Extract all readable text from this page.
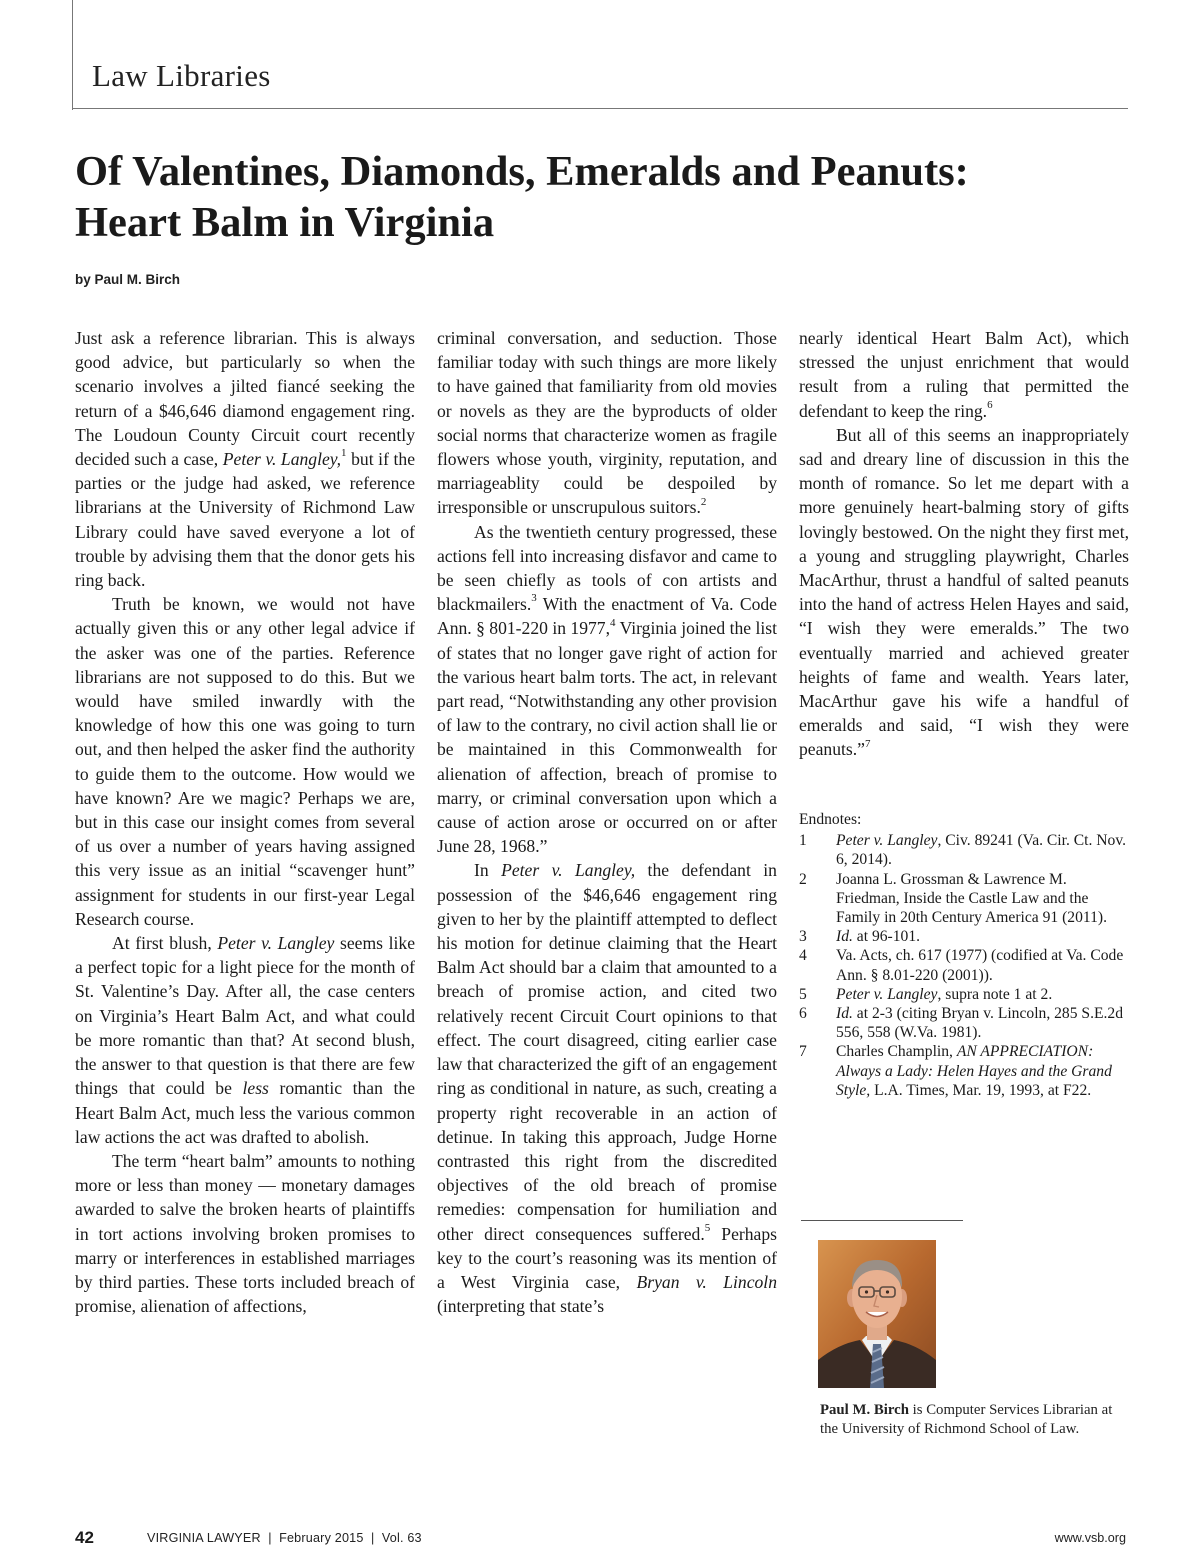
Law Libraries
Of Valentines, Diamonds, Emeralds and Peanuts:
Heart Balm in Virginia
by Paul M. Birch

Just ask a reference librarian. This is always good advice, but particularly so when the scenario involves a jilted fiancé seeking the return of a $46,646 diamond engagement ring. The Loudoun County Circuit court recently decided such a case, Peter v. Langley,$^1$ but if the parties or the judge had asked, we reference librarians at the University of Richmond Law Library could have saved everyone a lot of trouble by advising them that the donor gets his ring back.

Truth be known, we would not have actually given this or any other legal advice if the asker was one of the parties. Reference librarians are not supposed to do this. But we would have smiled inwardly with the knowledge of how this one was going to turn out, and then helped the asker find the authority to guide them to the outcome. How would we have known? Are we magic? Perhaps we are, but in this case our insight comes from several of us over a number of years having assigned this very issue as an initial “scavenger hunt” assignment for students in our first-year Legal Research course.

At first blush, Peter v. Langley seems like a perfect topic for a light piece for the month of St. Valentine’s Day. After all, the case centers on Virginia’s Heart Balm Act, and what could be more romantic than that? At second blush, the answer to that question is that there are few things that could be less romantic than the Heart Balm Act, much less the various common law actions the act was drafted to abolish.

The term “heart balm” amounts to nothing more or less than money — monetary damages awarded to salve the broken hearts of plaintiffs in tort actions involving broken promises to marry or interferences in established marriages by third parties. These torts included breach of promise, alienation of affections,

criminal conversation, and seduction. Those familiar today with such things are more likely to have gained that familiarity from old movies or novels as they are the byproducts of older social norms that characterize women as fragile flowers whose youth, virginity, reputation, and marriageablity could be despoiled by irresponsible or unscrupulous suitors.$^2$

As the twentieth century progressed, these actions fell into increasing disfavor and came to be seen chiefly as tools of con artists and blackmailers.$^3$ With the enactment of Va. Code Ann. § 801-220 in 1977,$^4$ Virginia joined the list of states that no longer gave right of action for the various heart balm torts. The act, in relevant part read, “Notwithstanding any other provision of law to the contrary, no civil action shall lie or be maintained in this Commonwealth for alienation of affection, breach of promise to marry, or criminal conversation upon which a cause of action arose or occurred on or after June 28, 1968.”

In Peter v. Langley, the defendant in possession of the $46,646 engagement ring given to her by the plaintiff attempted to deflect his motion for detinue claiming that the Heart Balm Act should bar a claim that amounted to a breach of promise action, and cited two relatively recent Circuit Court opinions to that effect. The court disagreed, citing earlier case law that characterized the gift of an engagement ring as conditional in nature, as such, creating a property right recoverable in an action of detinue. In taking this approach, Judge Horne contrasted this right from the discredited objectives of the old breach of promise remedies: compensation for humiliation and other direct consequences suffered.$^5$ Perhaps key to the court’s reasoning was its mention of a West Virginia case, Bryan v. Lincoln (interpreting that state’s

nearly identical Heart Balm Act), which stressed the unjust enrichment that would result from a ruling that permitted the defendant to keep the ring.$^6$

But all of this seems an inappropriately sad and dreary line of discussion in this the month of romance. So let me depart with a more genuinely heart-balming story of gifts lovingly bestowed. On the night they first met, a young and struggling playwright, Charles MacArthur, thrust a handful of salted peanuts into the hand of actress Helen Hayes and said, “I wish they were emeralds.” The two eventually married and achieved greater heights of fame and wealth. Years later, MacArthur gave his wife a handful of emeralds and said, “I wish they were peanuts.”$^7$

Endnotes:
1	Peter v. Langley, Civ. 89241 (Va. Cir. Ct. Nov. 6, 2014).
2	Joanna L. Grossman & Lawrence M. Friedman, Inside the Castle Law and the Family in 20th Century America 91 (2011).
3	Id. at 96-101.
4	Va. Acts, ch. 617 (1977) (codified at Va. Code Ann. § 8.01-220 (2001)).
5	Peter v. Langley, supra note 1 at 2.
6	Id. at 2-3 (citing Bryan v. Lincoln, 285 S.E.2d 556, 558 (W.Va. 1981).
7	Charles Champlin, AN APPRECIATION: Always a Lady: Helen Hayes and the Grand Style, L.A. Times, Mar. 19, 1993, at F22.
Paul M. Birch is Computer Services Librarian at the University of Richmond School of Law.
42	VIRGINIA LAWYER  |  February 2015  |  Vol. 63	www.vsb.org
